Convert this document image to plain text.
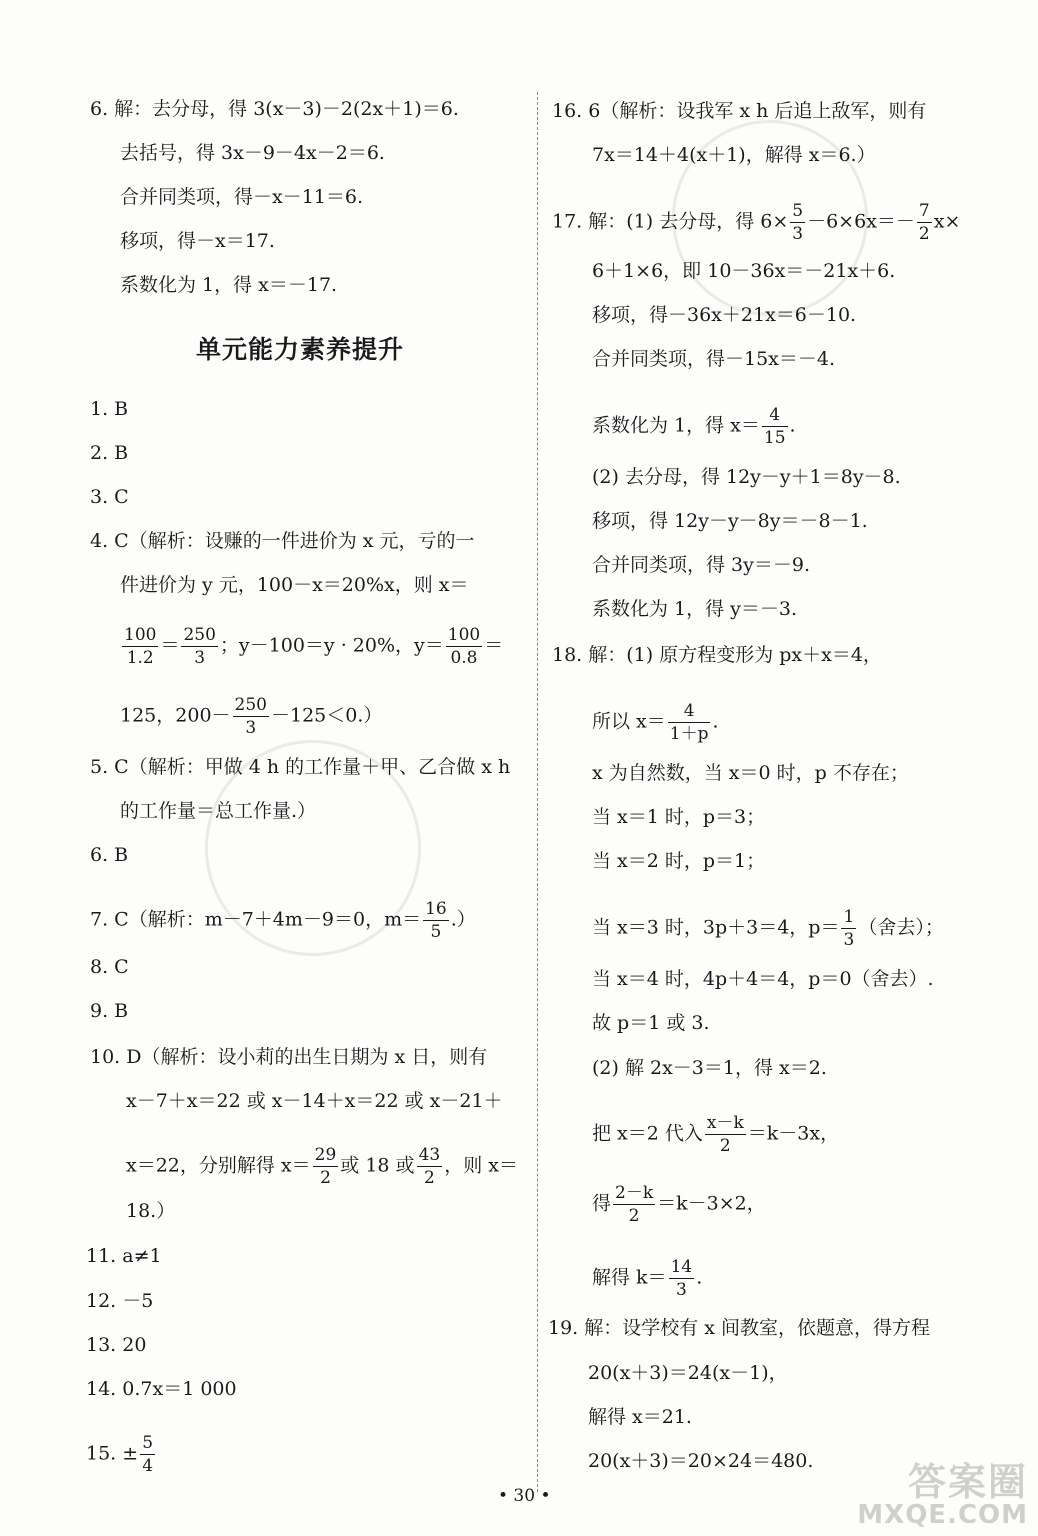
6. 解：去分母，得 3(x－3)－2(2x＋1)＝6.
去括号，得 3x－9－4x－2＝6.
合并同类项，得－x－11＝6.
移项，得－x＝17.
系数化为 1，得 x＝－17.
单元能力素养提升
1. B
2. B
3. C
4. C（解析：设赚的一件进价为 x 元，亏的一
件进价为 y 元，100－x＝20%x，则 x＝
$\frac{100}{1.2} = \frac{250}{3}$ ；y－100＝y · 20%，$y= \frac{100}{0.8}$ ＝
125，$200- \frac{250}{3} -125<0$.）
5. C（解析：甲做 4 h 的工作量＋甲、乙合做 x h
的工作量＝总工作量.）
6. B
7. C（解析：m－7＋4m－9＝0，$m= \frac{16}{5}$ .）
8. C
9. B
10. D（解析：设小莉的出生日期为 x 日，则有
x－7＋x＝22 或 x－14＋x＝22 或 x－21＋
x＝22，分别解得 $x= \frac{29}{2}$ 或 18 或 $\frac{43}{2}$ ，则 x＝
18.）
11. a≠1
12. －5
13. 20
14. 0.7x＝1 000
15. ± $\frac{5}{4}$
16. 6（解析：设我军 x h 后追上敌军，则有
7x＝14＋4(x＋1)，解得 x＝6.）
17. 解：(1) 去分母，得 $6\times \frac{5}{3} -6\times 6x=- \frac{7}{2} x\times$
6＋1×6，即 10－36x＝－21x＋6.
移项，得－36x＋21x＝6－10.
合并同类项，得－15x＝－4.
系数化为 1，得 $x= \frac{4}{15}$ .
(2) 去分母，得 12y－y＋1＝8y－8.
移项，得 12y－y－8y＝－8－1.
合并同类项，得 3y＝－9.
系数化为 1，得 y＝－3.
18. 解：(1) 原方程变形为 px＋x＝4，
所以 $x= \frac{4}{1+p}$ .
x 为自然数，当 x＝0 时，p 不存在；
当 x＝1 时，p＝3；
当 x＝2 时，p＝1；
当 x＝3 时，3p＋3＝4，$p= \frac{1}{3}$ （舍去）；
当 x＝4 时，4p＋4＝4，p＝0（舍去）.
故 p＝1 或 3.
(2) 解 2x－3＝1，得 x＝2.
把 x＝2 代入 $\frac{x-k}{2} =k-3x$，
得 $\frac{2-k}{2} =k-3\times 2$，
解得 $k= \frac{14}{3}$ .
19. 解：设学校有 x 间教室，依题意，得方程
20(x＋3)＝24(x－1)，
解得 x＝21.
20(x＋3)＝20×24＝480.
• 30 •	答案圈
MXQE.COM
